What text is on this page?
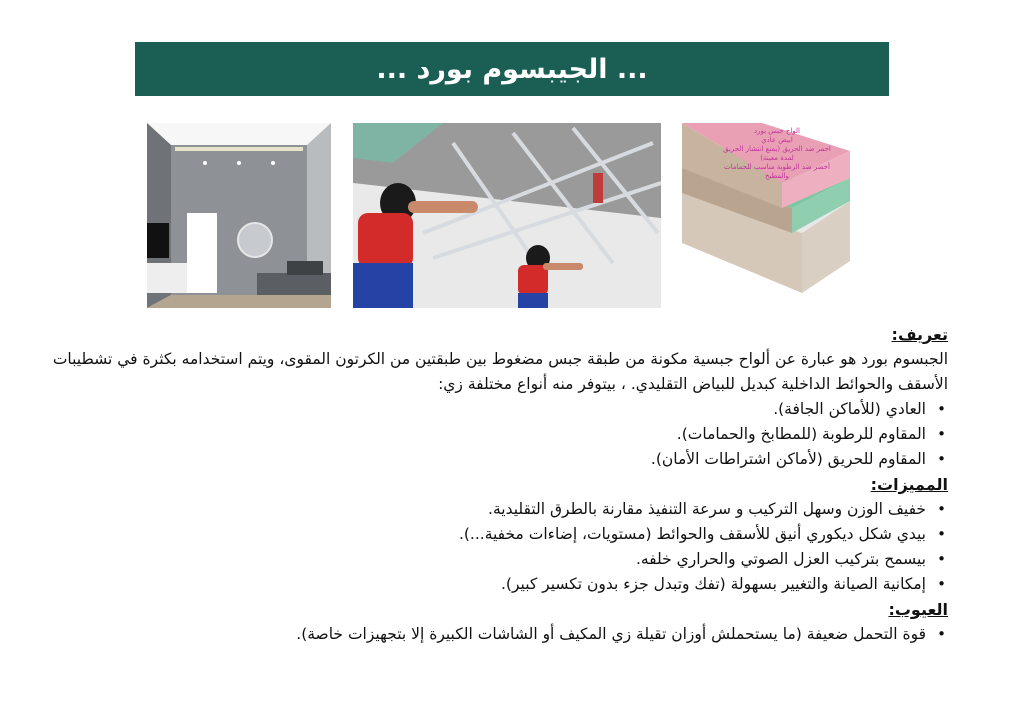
... الجيبسوم بورد ...
الواح جبس بورد
ابيض عادي
احمر ضد الحريق (يمنع انتشار الحريق
لمدة معينة)
أخضر ضد الرطوبة مناسب للحمامات
والمطبخ
تعريف:

الجبسوم بورد هو عبارة عن ألواح جبسية مكونة من طبقة جبس مضغوط بين طبقتين من الكرتون المقوى، ويتم استخدامه بكثرة في تشطيبات الأسقف والحوائط الداخلية كبديل للبياض التقليدي. ، بيتوفر منه أنواع مختلفة زي:

• العادي (للأماكن الجافة).
• المقاوم للرطوبة (للمطابخ والحمامات).
• المقاوم للحريق (لأماكن اشتراطات الأمان).
المميزات:
• خفيف الوزن وسهل التركيب و سرعة التنفيذ مقارنة بالطرق التقليدية.
• بيدي شكل ديكوري أنيق للأسقف والحوائط (مستويات، إضاءات مخفية...).
• بيسمح بتركيب العزل الصوتي والحراري خلفه.
• إمكانية الصيانة والتغيير بسهولة (تفك وتبدل جزء بدون تكسير كبير).
العيوب:
• قوة التحمل ضعيفة (ما يستحملش أوزان تقيلة زي المكيف أو الشاشات الكبيرة إلا بتجهيزات خاصة).
